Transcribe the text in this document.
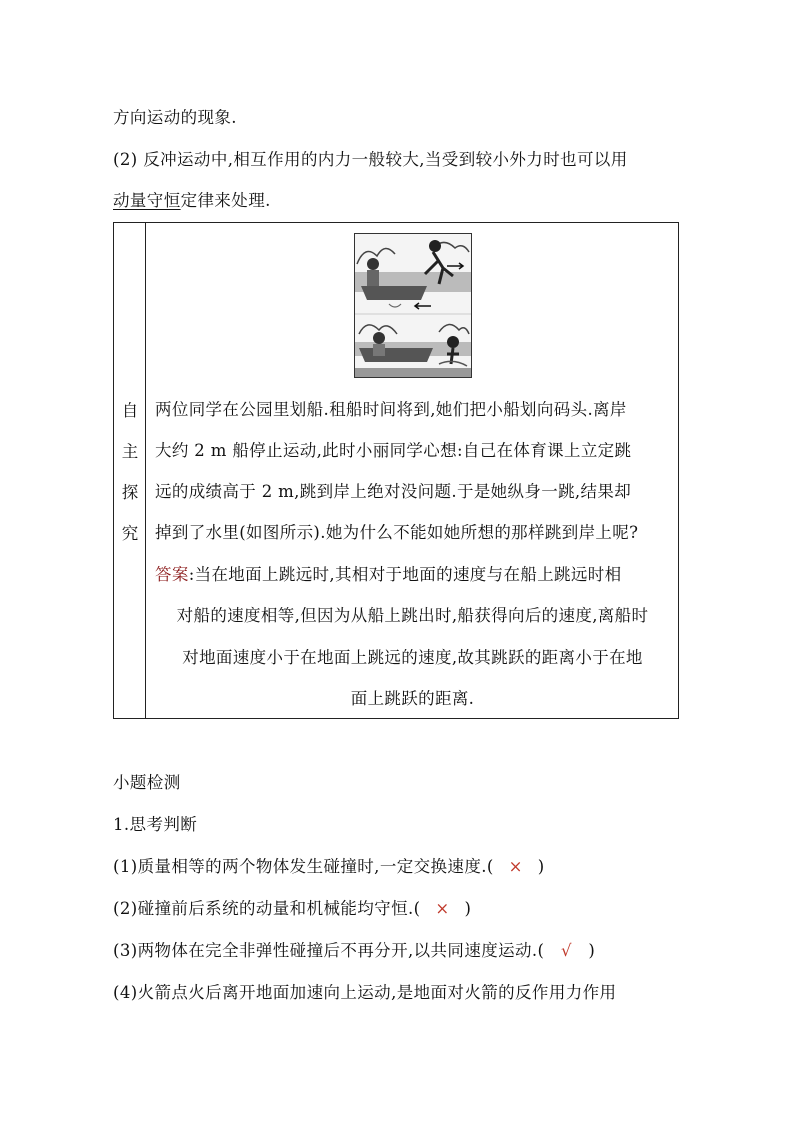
方向运动的现象.
(2) 反冲运动中,相互作用的内力一般较大,当受到较小外力时也可以用
动量守恒定律来处理.
自
主
探
究
两位同学在公园里划船.租船时间将到,她们把小船划向码头.离岸
大约 2 m 船停止运动,此时小丽同学心想:自己在体育课上立定跳
远的成绩高于 2 m,跳到岸上绝对没问题.于是她纵身一跳,结果却
掉到了水里(如图所示).她为什么不能如她所想的那样跳到岸上呢?
答案:当在地面上跳远时,其相对于地面的速度与在船上跳远时相
对船的速度相等,但因为从船上跳出时,船获得向后的速度,离船时
对地面速度小于在地面上跳远的速度,故其跳跃的距离小于在地
面上跳跃的距离.
小题检测
1.思考判断
(1)质量相等的两个物体发生碰撞时,一定交换速度.( × )
(2)碰撞前后系统的动量和机械能均守恒.( × )
(3)两物体在完全非弹性碰撞后不再分开,以共同速度运动.( √ )
(4)火箭点火后离开地面加速向上运动,是地面对火箭的反作用力作用
